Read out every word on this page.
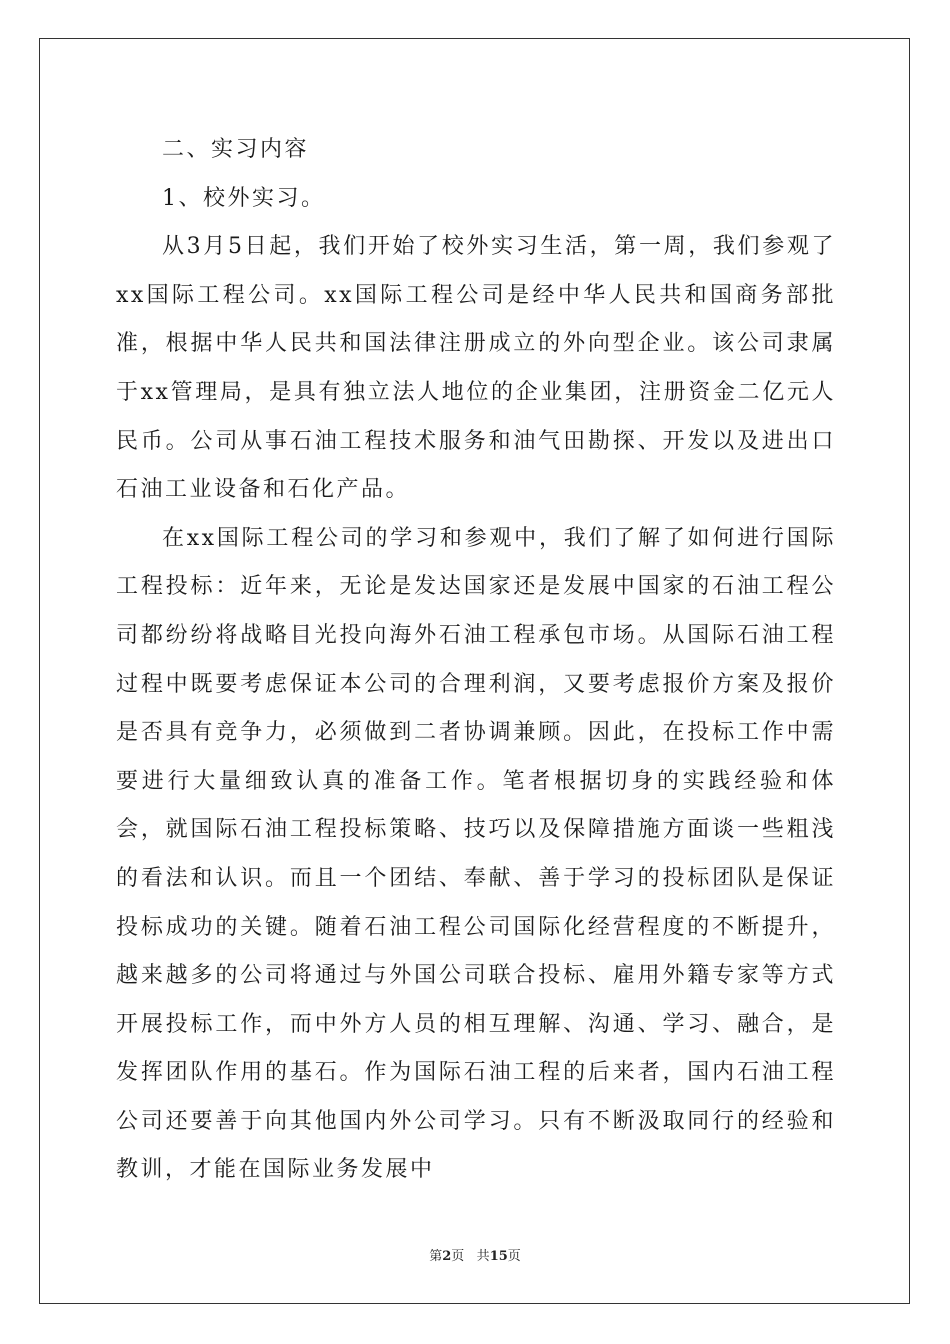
二、实习内容

1、校外实习。

从3月5日起，我们开始了校外实习生活，第一周，我们参观了xx国际工程公司。xx国际工程公司是经中华人民共和国商务部批准，根据中华人民共和国法律注册成立的外向型企业。该公司隶属于xx管理局，是具有独立法人地位的企业集团，注册资金二亿元人民币。公司从事石油工程技术服务和油气田勘探、开发以及进出口石油工业设备和石化产品。

在xx国际工程公司的学习和参观中，我们了解了如何进行国际工程投标：近年来，无论是发达国家还是发展中国家的石油工程公司都纷纷将战略目光投向海外石油工程承包市场。从国际石油工程过程中既要考虑保证本公司的合理利润，又要考虑报价方案及报价是否具有竞争力，必须做到二者协调兼顾。因此，在投标工作中需要进行大量细致认真的准备工作。笔者根据切身的实践经验和体会，就国际石油工程投标策略、技巧以及保障措施方面谈一些粗浅的看法和认识。而且一个团结、奉献、善于学习的投标团队是保证投标成功的关键。随着石油工程公司国际化经营程度的不断提升，越来越多的公司将通过与外国公司联合投标、雇用外籍专家等方式开展投标工作，而中外方人员的相互理解、沟通、学习、融合，是发挥团队作用的基石。作为国际石油工程的后来者，国内石油工程公司还要善于向其他国内外公司学习。只有不断汲取同行的经验和教训，才能在国际业务发展中

第2页 共15页
